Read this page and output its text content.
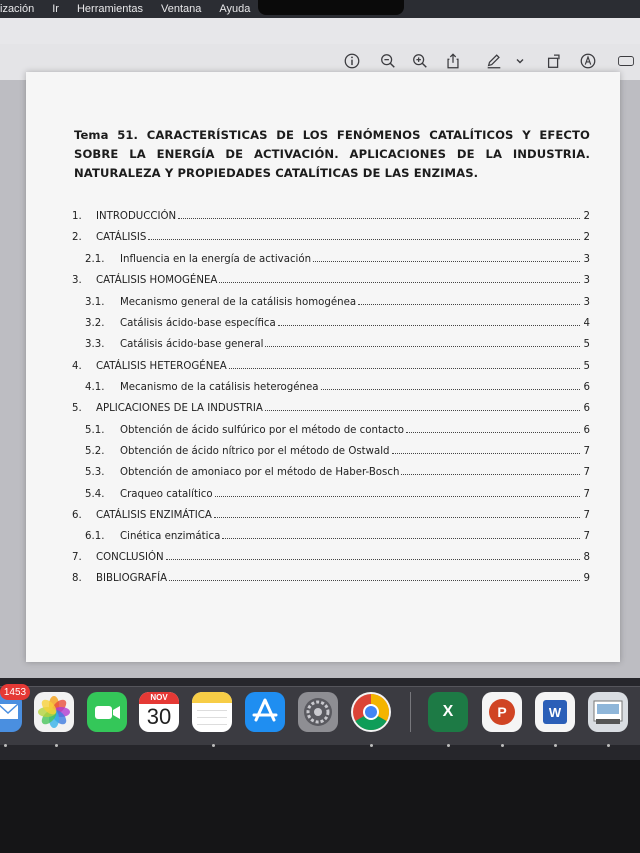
ización Ir Herramientas Ventana Ayuda
Tema 51. CARACTERÍSTICAS DE LOS FENÓMENOS CATALÍTICOS Y EFECTO SOBRE LA ENERGÍA DE ACTIVACIÓN. APLICACIONES DE LA INDUSTRIA. NATURALEZA Y PROPIEDADES CATALÍTICAS DE LAS ENZIMAS.
1.	INTRODUCCIÓN	2
2.	CATÁLISIS	2
2.1.	Influencia en la energía de activación	3
3.	CATÁLISIS HOMOGÉNEA	3
3.1.	Mecanismo general de la catálisis homogénea	3
3.2.	Catálisis ácido-base específica	4
3.3.	Catálisis ácido-base general	5
4.	CATÁLISIS HETEROGÉNEA	5
4.1.	Mecanismo de la catálisis heterogénea	6
5.	APLICACIONES DE LA INDUSTRIA	6
5.1.	Obtención de ácido sulfúrico por el método de contacto	6
5.2.	Obtención de ácido nítrico por el método de Ostwald	7
5.3.	Obtención de amoniaco por el método de Haber-Bosch	7
5.4.	Craqueo catalítico	7
6.	CATÁLISIS ENZIMÁTICA	7
6.1.	Cinética enzimática	7
7.	CONCLUSIÓN	8
8.	BIBLIOGRAFÍA	9
1453	NOV
30	X	P	W
